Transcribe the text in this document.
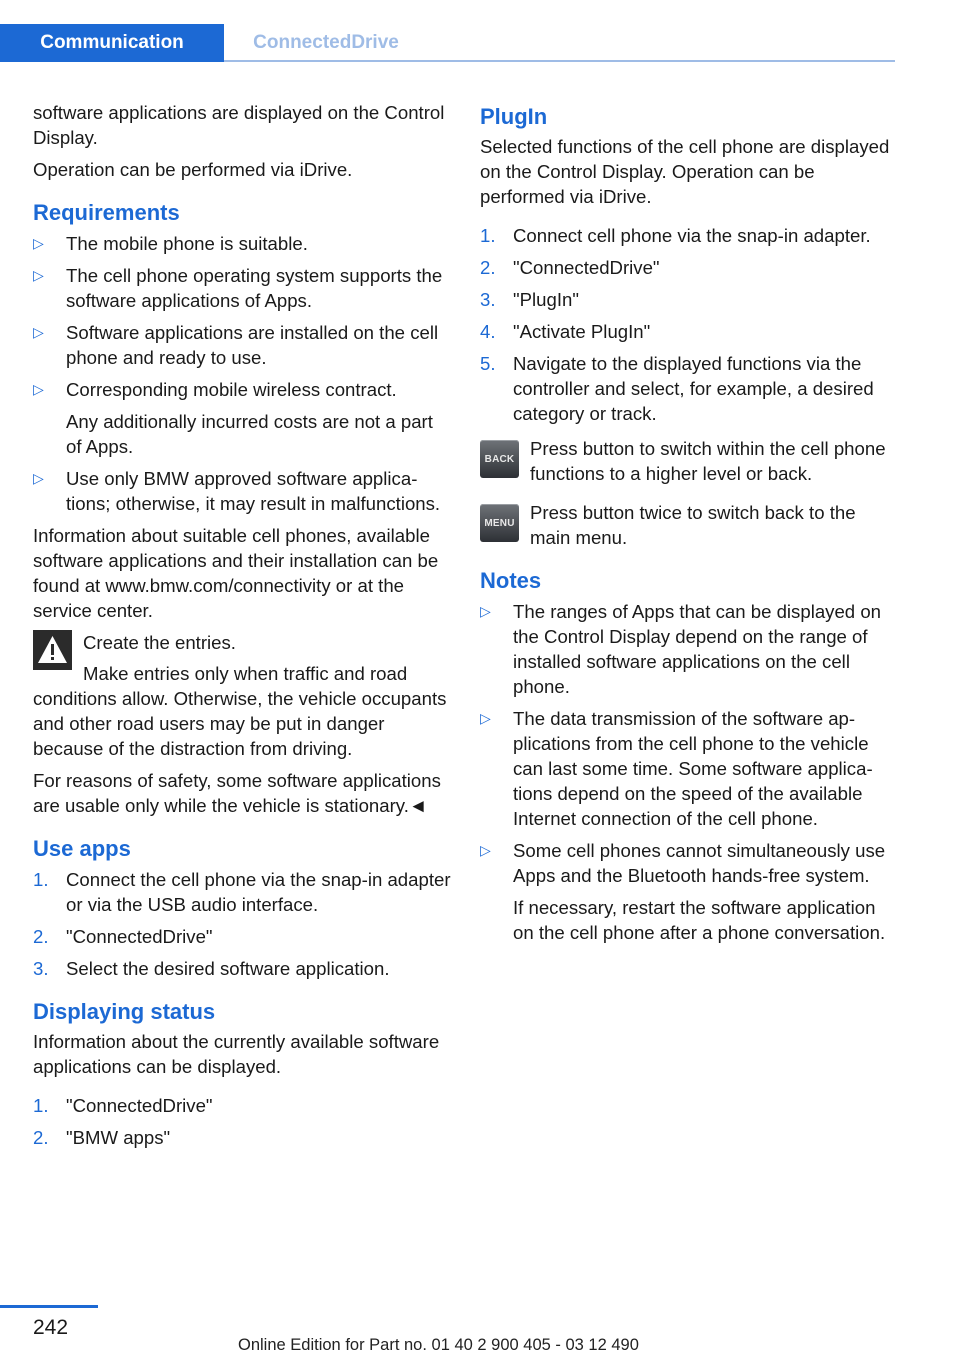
Communication	ConnectedDrive

software applications are displayed on the Control Display.

Operation can be performed via iDrive.

Requirements
▷ The mobile phone is suitable.
▷ The cell phone operating system supports the software applications of Apps.
▷ Software applications are installed on the cell phone and ready to use.
▷ Corresponding mobile wireless contract.
Any additionally incurred costs are not a part of Apps.
▷ Use only BMW approved software applications; otherwise, it may result in malfunctions.

Information about suitable cell phones, available software applications and their installation can be found at www.bmw.com/connectivity or at the service center.

Create the entries.

Make entries only when traffic and road conditions allow. Otherwise, the vehicle occupants and other road users may be put in danger because of the distraction from driving.

For reasons of safety, some software applications are usable only while the vehicle is stationary.◄

Use apps
1. Connect the cell phone via the snap-in adapter or via the USB audio interface.
2. "ConnectedDrive"
3. Select the desired software application.
Displaying status

Information about the currently available software applications can be displayed.

1. "ConnectedDrive"
2. "BMW apps"
PlugIn

Selected functions of the cell phone are displayed on the Control Display. Operation can be performed via iDrive.

1. Connect cell phone via the snap-in adapter.
2. "ConnectedDrive"
3. "PlugIn"
4. "Activate PlugIn"
5. Navigate to the displayed functions via the controller and select, for example, a desired category or track.
BACK Press button to switch within the cell phone functions to a higher level or back.
MENU Press button twice to switch back to the main menu.
Notes
▷ The ranges of Apps that can be displayed on the Control Display depend on the range of installed software applications on the cell phone.
▷ The data transmission of the software applications from the cell phone to the vehicle can last some time. Some software applications depend on the speed of the available Internet connection of the cell phone.
▷ Some cell phones cannot simultaneously use Apps and the Bluetooth hands-free system.
If necessary, restart the software application on the cell phone after a phone conversation.
242
Online Edition for Part no. 01 40 2 900 405 - 03 12 490
